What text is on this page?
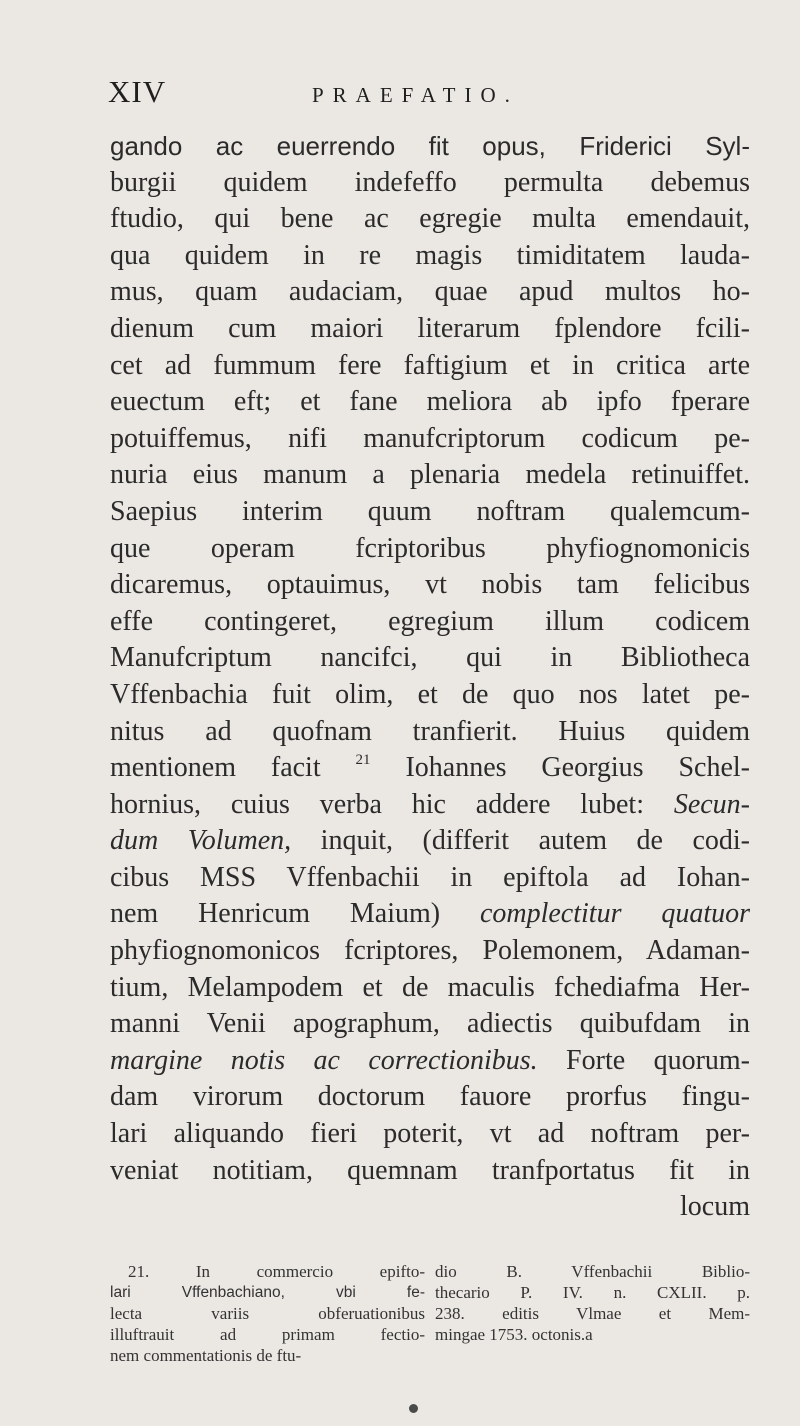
XIV	PRAEFATIO.
gando ac euerrendo fit opus, Friderici Syl-
burgii quidem indefeffo permulta debemus
ftudio, qui bene ac egregie multa emendauit,
qua quidem in re magis timiditatem lauda-
mus, quam audaciam, quae apud multos ho-
dienum cum maiori literarum fplendore fcili-
cet ad fummum fere faftigium et in critica arte
euectum eft; et fane meliora ab ipfo fperare
potuiffemus, nifi manufcriptorum codicum pe-
nuria eius manum a plenaria medela retinuiffet.
Saepius interim quum noftram qualemcum-
que operam fcriptoribus phyfiognomonicis
dicaremus, optauimus, vt nobis tam felicibus
effe contingeret, egregium illum codicem
Manufcriptum nancifci, qui in Bibliotheca
Vffenbachia fuit olim, et de quo nos latet pe-
nitus ad quofnam tranfierit. Huius quidem
mentionem facit $^{21}$ Iohannes Georgius Schel-
hornius, cuius verba hic addere lubet: Secun-
dum Volumen, inquit, (differit autem de codi-
cibus MSS Vffenbachii in epiftola ad Iohan-
nem Henricum Maium) complectitur quatuor
phyfiognomonicos fcriptores, Polemonem, Adaman-
tium, Melampodem et de maculis fchediafma Her-
manni Venii apographum, adiectis quibufdam in
margine notis ac correctionibus. Forte quorum-
dam virorum doctorum fauore prorfus fingu-
lari aliquando fieri poterit, vt ad noftram per-
veniat notitiam, quemnam tranfportatus fit in
locum
21. In commercio epifto-
lari Vffenbachiano, vbi fe-
lecta variis obferuationibus
illuftrauit ad primam fectio-
nem commentationis de ftu-
dio B. Vffenbachii Biblio-
thecario P. IV. n. CXLII. p.
238. editis Vlmae et Mem-
mingae 1753. octonis.a
